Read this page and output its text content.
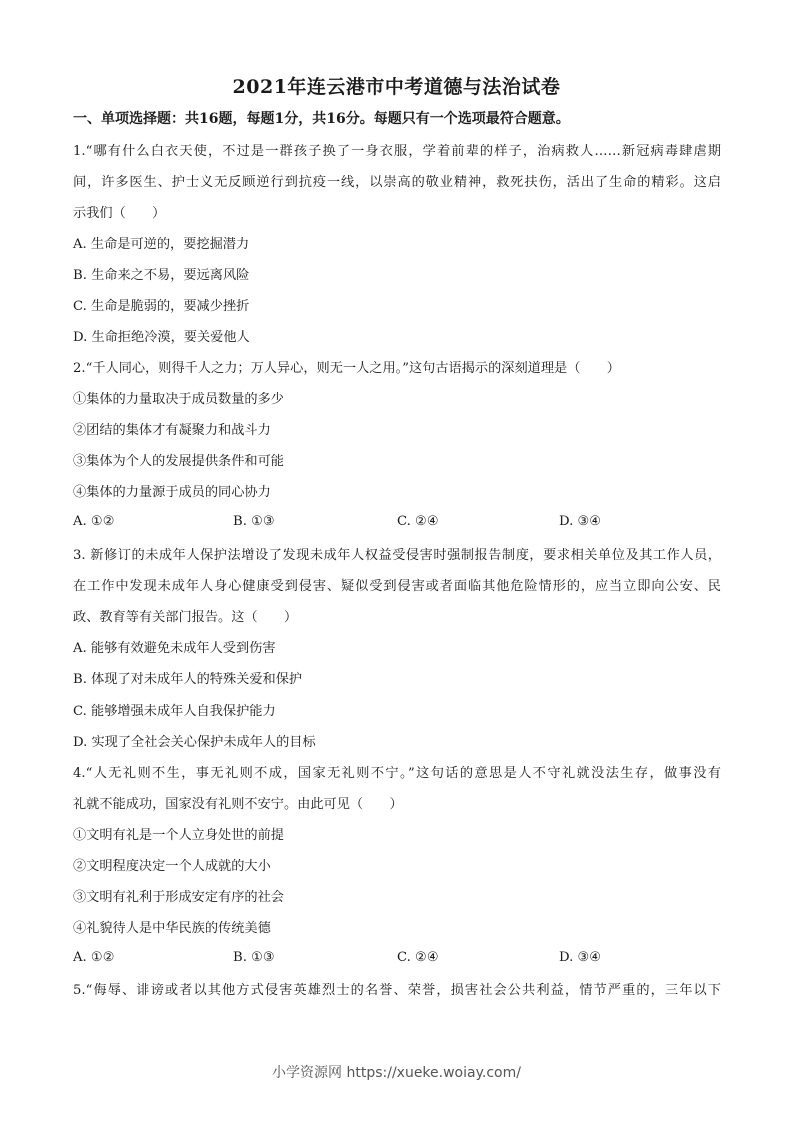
2021年连云港市中考道德与法治试卷
一、单项选择题：共16题，每题1分，共16分。每题只有一个选项最符合题意。
1.“哪有什么白衣天使，不过是一群孩子换了一身衣服，学着前辈的样子，治病救人……新冠病毒肆虐期
间，许多医生、护士义无反顾逆行到抗疫一线，以崇高的敬业精神，救死扶伤，活出了生命的精彩。这启
示我们（　　）
A. 生命是可逆的，要挖掘潜力
B. 生命来之不易，要远离风险
C. 生命是脆弱的，要减少挫折
D. 生命拒绝冷漠，要关爱他人
2.“千人同心，则得千人之力；万人异心，则无一人之用。”这句古语揭示的深刻道理是（　　）
①集体的力量取决于成员数量的多少
②团结的集体才有凝聚力和战斗力
③集体为个人的发展提供条件和可能
④集体的力量源于成员的同心协力
A. ①②	B. ①③	C. ②④	D. ③④
3. 新修订的未成年人保护法增设了发现未成年人权益受侵害时强制报告制度，要求相关单位及其工作人员，
在工作中发现未成年人身心健康受到侵害、疑似受到侵害或者面临其他危险情形的，应当立即向公安、民
政、教育等有关部门报告。这（　　）
A. 能够有效避免未成年人受到伤害
B. 体现了对未成年人的特殊关爱和保护
C. 能够增强未成年人自我保护能力
D. 实现了全社会关心保护未成年人的目标
4.“人无礼则不生，事无礼则不成，国家无礼则不宁。”这句话的意思是人不守礼就没法生存，做事没有
礼就不能成功，国家没有礼则不安宁。由此可见（　　）
①文明有礼是一个人立身处世的前提
②文明程度决定一个人成就的大小
③文明有礼利于形成安定有序的社会
④礼貌待人是中华民族的传统美德
A. ①②	B. ①③	C. ②④	D. ③④
5.“侮辱、诽谤或者以其他方式侵害英雄烈士的名誉、荣誉，损害社会公共利益，情节严重的，三年以下
小学资源网 https://xueke.woiay.com/
